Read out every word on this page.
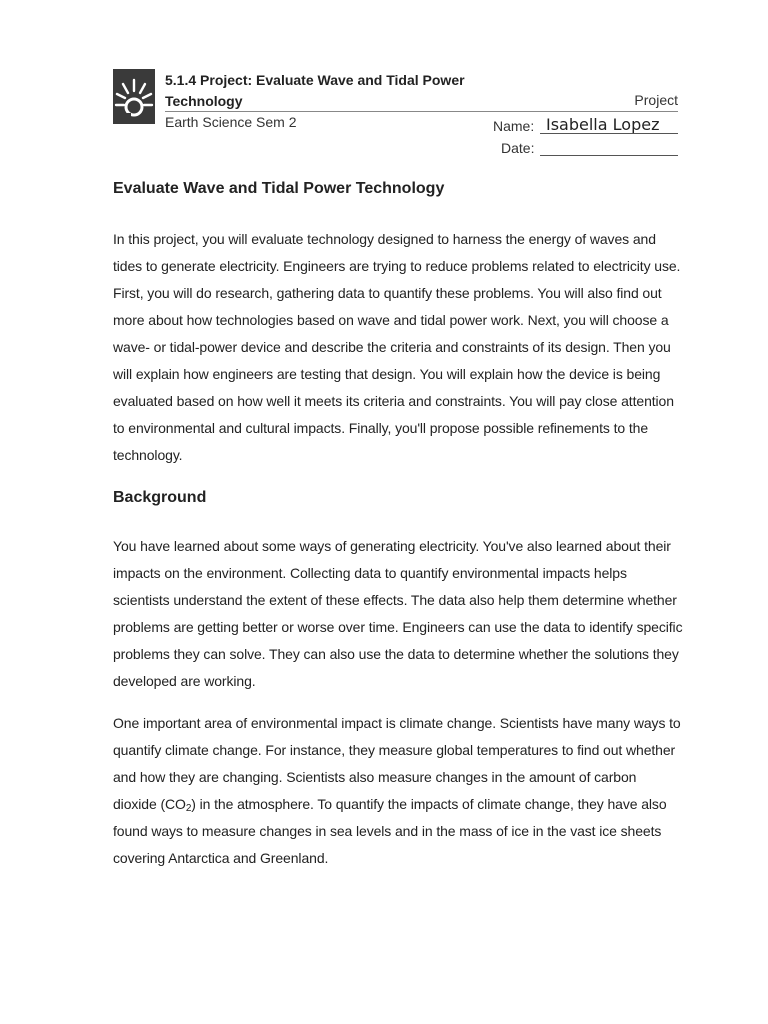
5.1.4 Project: Evaluate Wave and Tidal Power
Technology	Project
Earth Science Sem 2	Name: Isabella Lopez
Date:
Evaluate Wave and Tidal Power Technology

In this project, you will evaluate technology designed to harness the energy of waves and tides to generate electricity. Engineers are trying to reduce problems related to electricity use. First, you will do research, gathering data to quantify these problems. You will also find out more about how technologies based on wave and tidal power work. Next, you will choose a wave- or tidal-power device and describe the criteria and constraints of its design. Then you will explain how engineers are testing that design. You will explain how the device is being evaluated based on how well it meets its criteria and constraints. You will pay close attention to environmental and cultural impacts. Finally, you'll propose possible refinements to the technology.

Background

You have learned about some ways of generating electricity. You've also learned about their impacts on the environment. Collecting data to quantify environmental impacts helps scientists understand the extent of these effects. The data also help them determine whether problems are getting better or worse over time. Engineers can use the data to identify specific problems they can solve. They can also use the data to determine whether the solutions they developed are working.

One important area of environmental impact is climate change. Scientists have many ways to quantify climate change. For instance, they measure global temperatures to find out whether and how they are changing. Scientists also measure changes in the amount of carbon dioxide $(CO_2)$ in the atmosphere. To quantify the impacts of climate change, they have also found ways to measure changes in sea levels and in the mass of ice in the vast ice sheets covering Antarctica and Greenland.
